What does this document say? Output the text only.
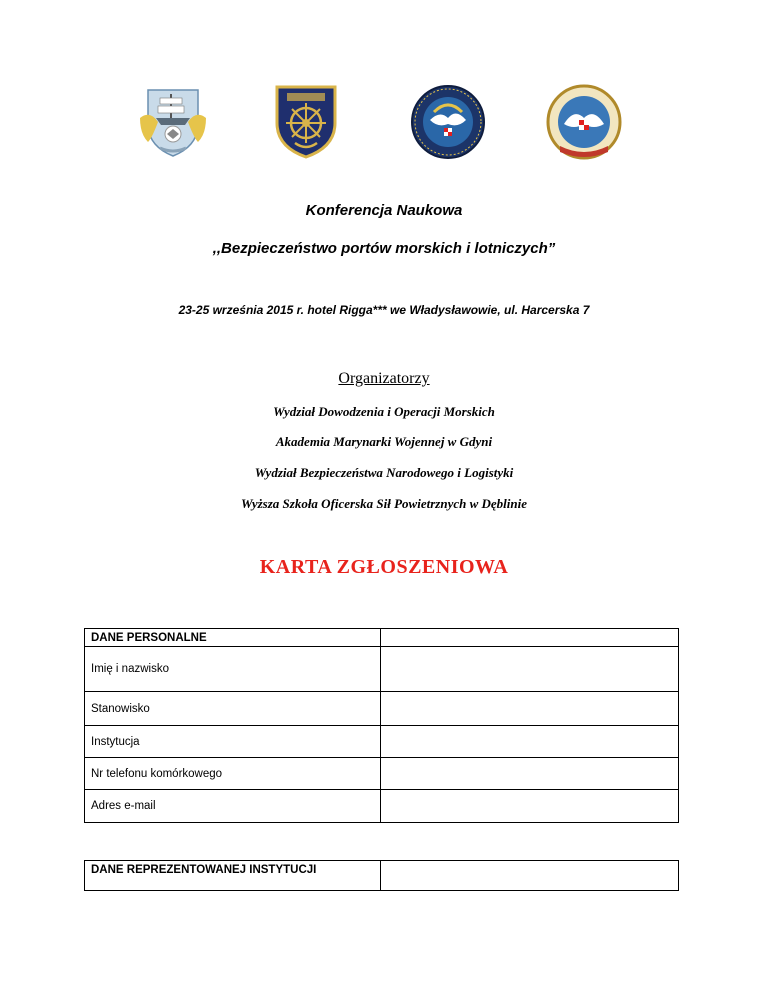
Konferencja Naukowa
,,Bezpieczeństwo portów morskich i lotniczych”
23-25 września 2015 r. hotel Rigga*** we Władysławowie, ul. Harcerska 7
Organizatorzy
Wydział Dowodzenia i Operacji Morskich
Akademia Marynarki Wojennej w Gdyni
Wydział Bezpieczeństwa Narodowego i Logistyki
Wyższa Szkoła Oficerska Sił Powietrznych w Dęblinie
KARTA ZGŁOSZENIOWA
DANE PERSONALNE	
Imię i nazwisko	
Stanowisko	
Instytucja	
Nr telefonu komórkowego	
Adres e-mail	
DANE REPREZENTOWANEJ INSTYTUCJI	
